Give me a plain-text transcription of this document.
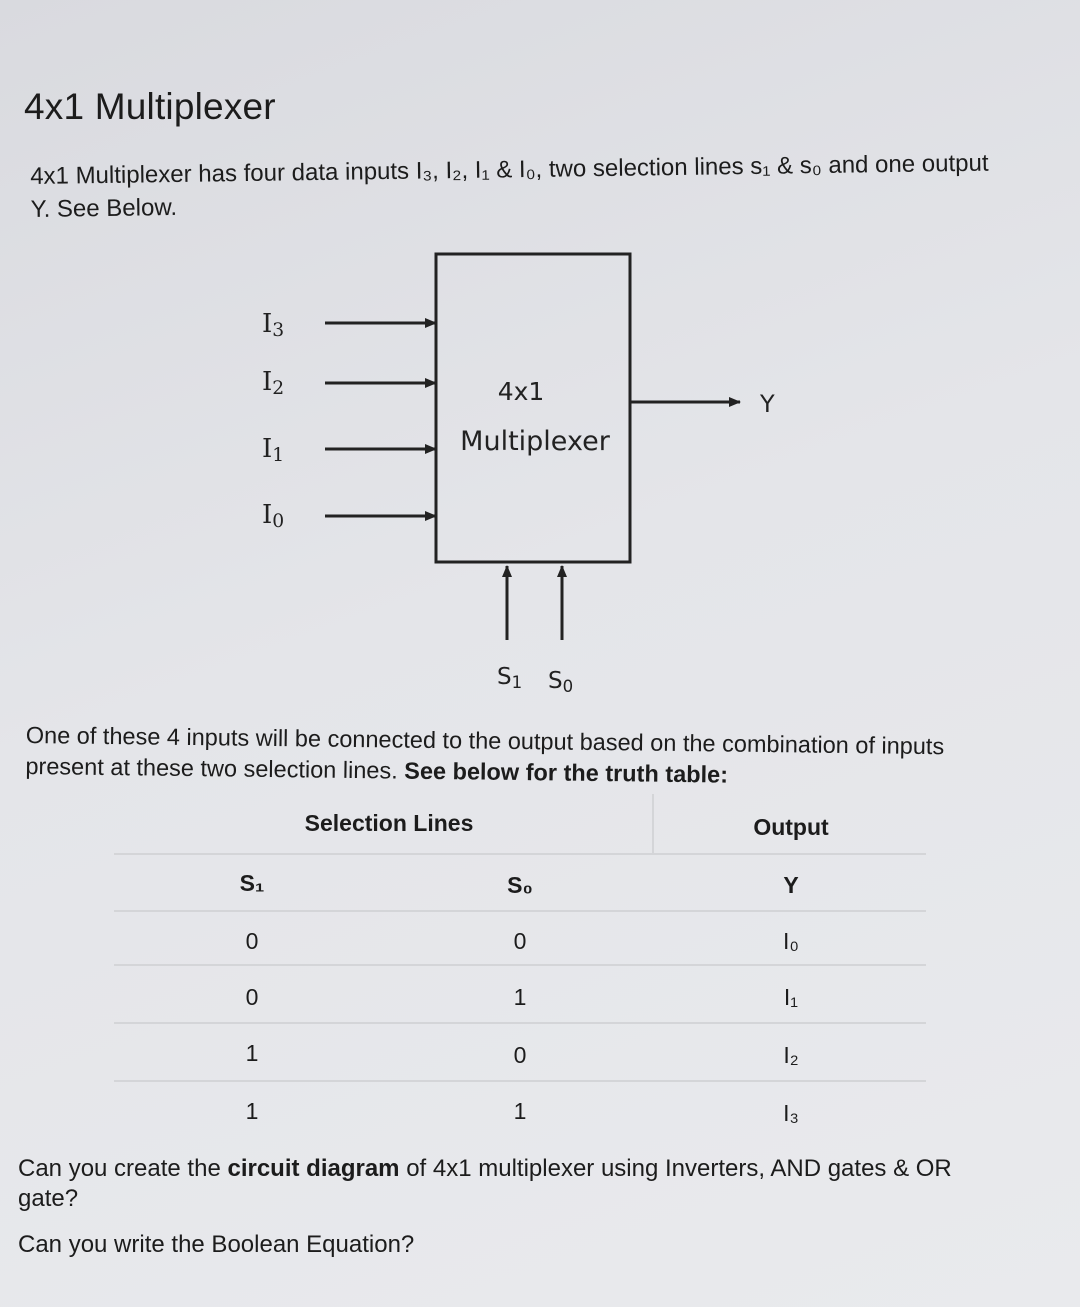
4x1 Multiplexer
4x1 Multiplexer has four data inputs I₃, I₂, I₁ & I₀, two selection lines s₁ & s₀ and one output
Y. See Below.
4x1
Multiplexer
I3
I2
I1
I0
Y
S1 S0
One of these 4 inputs will be connected to the output based on the combination of inputs
present at these two selection lines. See below for the truth table:
Selection Lines	Output
S₁	S₀	Y
0	0	I₀
0	1	I₁
1	0	I₂
1	1	I₃
Can you create the circuit diagram of 4x1 multiplexer using Inverters, AND gates & OR
gate?
Can you write the Boolean Equation?
